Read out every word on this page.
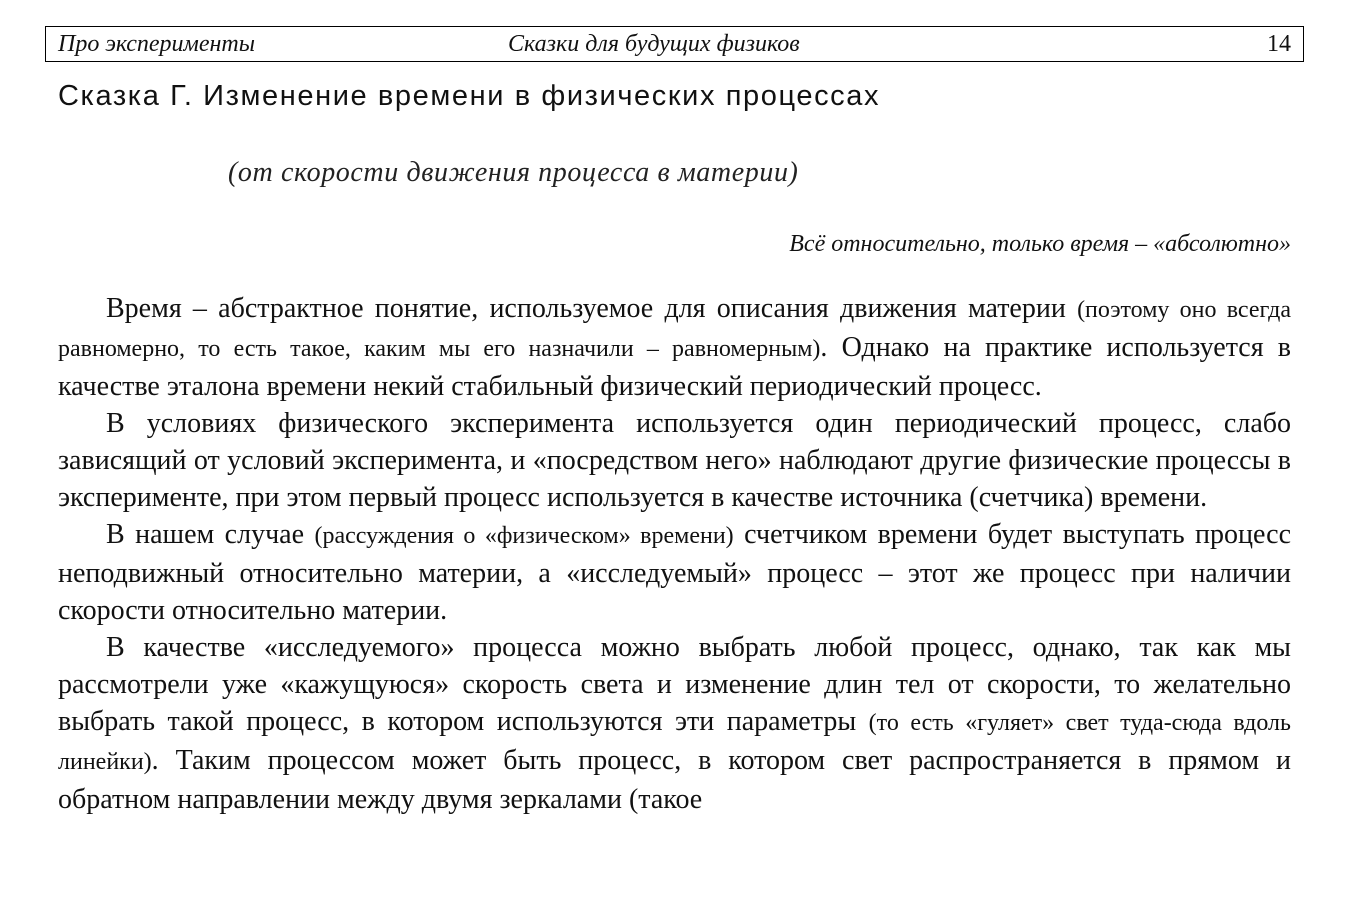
Про эксперименты	Сказки для будущих физиков	14
Сказка Г. Изменение времени в физических процессах
(от скорости движения процесса в материи)
Всё относительно, только время – «абсолютно»

Время – абстрактное понятие, используемое для описания движения материи (поэтому оно всегда равномерно, то есть такое, каким мы его назначили – равномерным). Однако на практике используется в качестве эталона времени некий стабильный физический периодический процесс.

В условиях физического эксперимента используется один периодический процесс, слабо зависящий от условий эксперимента, и «посредством него» наблюдают другие физические процессы в эксперименте, при этом первый процесс используется в качестве источника (счетчика) времени.

В нашем случае (рассуждения о «физическом» времени) счетчиком времени будет выступать процесс неподвижный относительно материи, а «исследуемый» процесс – этот же процесс при наличии скорости относительно материи.

В качестве «исследуемого» процесса можно выбрать любой процесс, однако, так как мы рассмотрели уже «кажущуюся» скорость света и изменение длин тел от скорости, то желательно выбрать такой процесс, в котором используются эти параметры (то есть «гуляет» свет туда-сюда вдоль линейки). Таким процессом может быть процесс, в котором свет распространяется в прямом и обратном направлении между двумя зеркалами (такое
